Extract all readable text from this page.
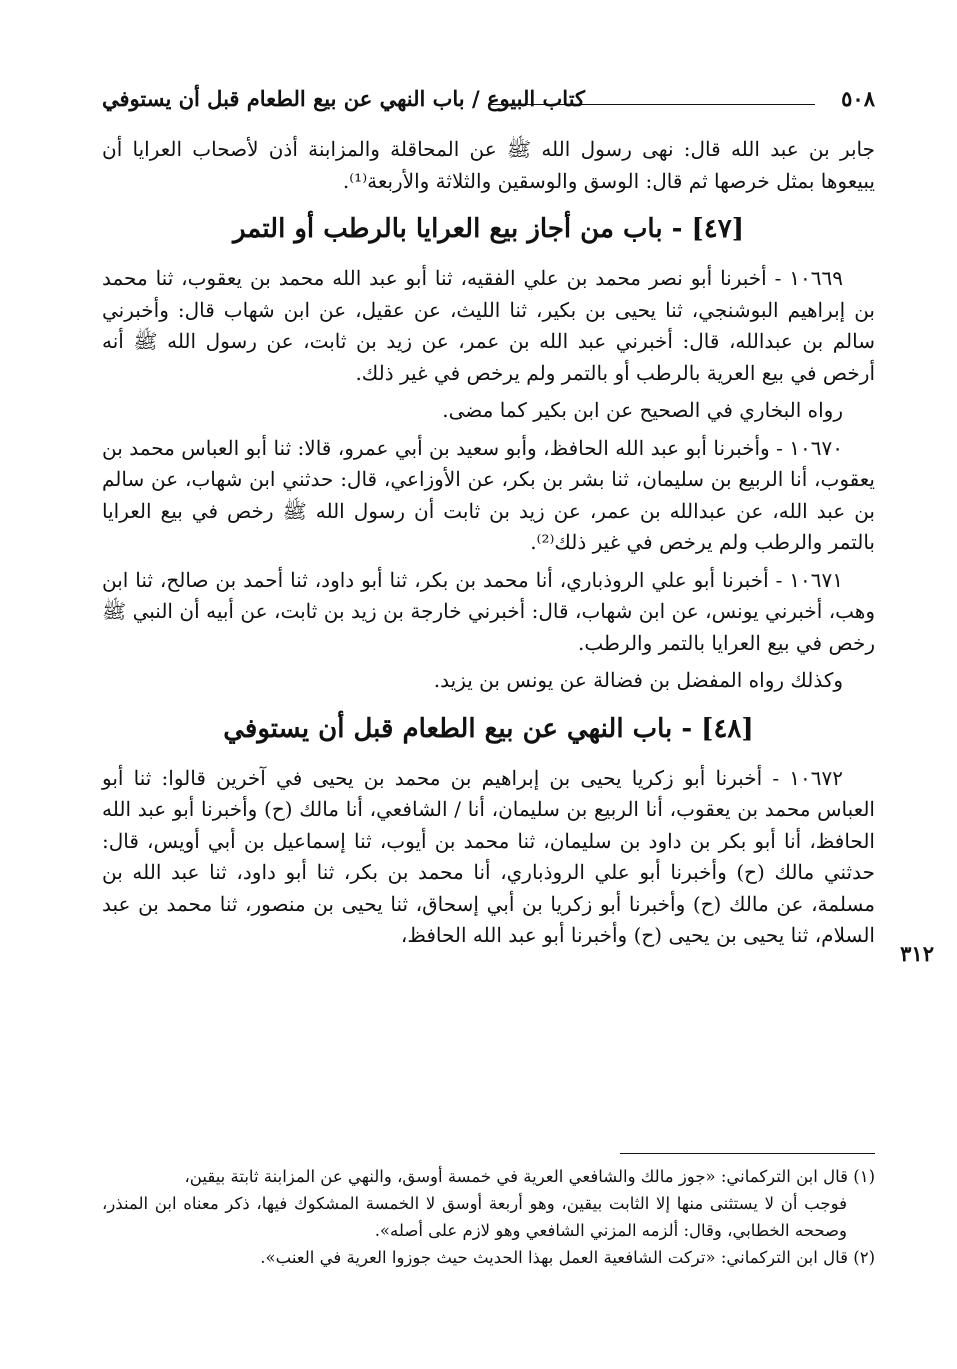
٥٠٨
كتاب البيوع / باب النهي عن بيع الطعام قبل أن يستوفي
٣١٢

جابر بن عبد الله قال: نهى رسول الله ﷺ عن المحاقلة والمزابنة أذن لأصحاب العرايا أن يبيعوها بمثل خرصها ثم قال: الوسق والوسقين والثلاثة والأربعة⁽¹⁾.

[٤٧] - باب من أجاز بيع العرايا بالرطب أو التمر

١٠٦٦٩ - أخبرنا أبو نصر محمد بن علي الفقيه، ثنا أبو عبد الله محمد بن يعقوب، ثنا محمد بن إبراهيم البوشنجي، ثنا يحيى بن بكير، ثنا الليث، عن عقيل، عن ابن شهاب قال: وأخبرني سالم بن عبدالله، قال: أخبرني عبد الله بن عمر، عن زيد بن ثابت، عن رسول الله ﷺ أنه أرخص في بيع العرية بالرطب أو بالتمر ولم يرخص في غير ذلك.

رواه البخاري في الصحيح عن ابن بكير كما مضى.

١٠٦٧٠ - وأخبرنا أبو عبد الله الحافظ، وأبو سعيد بن أبي عمرو، قالا: ثنا أبو العباس محمد بن يعقوب، أنا الربيع بن سليمان، ثنا بشر بن بكر، عن الأوزاعي، قال: حدثني ابن شهاب، عن سالم بن عبد الله، عن عبدالله بن عمر، عن زيد بن ثابت أن رسول الله ﷺ رخص في بيع العرايا بالتمر والرطب ولم يرخص في غير ذلك⁽²⁾.

١٠٦٧١ - أخبرنا أبو علي الروذباري، أنا محمد بن بكر، ثنا أبو داود، ثنا أحمد بن صالح، ثنا ابن وهب، أخبرني يونس، عن ابن شهاب، قال: أخبرني خارجة بن زيد بن ثابت، عن أبيه أن النبي ﷺ رخص في بيع العرايا بالتمر والرطب.

وكذلك رواه المفضل بن فضالة عن يونس بن يزيد.

[٤٨] - باب النهي عن بيع الطعام قبل أن يستوفي

١٠٦٧٢ - أخبرنا أبو زكريا يحيى بن إبراهيم بن محمد بن يحيى في آخرين قالوا: ثنا أبو العباس محمد بن يعقوب، أنا الربيع بن سليمان، أنا / الشافعي، أنا مالك (ح) وأخبرنا أبو عبد الله الحافظ، أنا أبو بكر بن داود بن سليمان، ثنا محمد بن أيوب، ثنا إسماعيل بن أبي أويس، قال: حدثني مالك (ح) وأخبرنا أبو علي الروذباري، أنا محمد بن بكر، ثنا أبو داود، ثنا عبد الله بن مسلمة، عن مالك (ح) وأخبرنا أبو زكريا بن أبي إسحاق، ثنا يحيى بن منصور، ثنا محمد بن عبد السلام، ثنا يحيى بن يحيى (ح) وأخبرنا أبو عبد الله الحافظ،

(١) قال ابن التركماني: «جوز مالك والشافعي العرية في خمسة أوسق، والنهي عن المزابنة ثابتة بيقين،

فوجب أن لا يستثنى منها إلا الثابت بيقين، وهو أربعة أوسق لا الخمسة المشكوك فيها، ذكر معناه ابن المنذر، وصححه الخطابي، وقال: ألزمه المزني الشافعي وهو لازم على أصله».

(٢) قال ابن التركماني: «تركت الشافعية العمل بهذا الحديث حيث جوزوا العرية في العنب».
